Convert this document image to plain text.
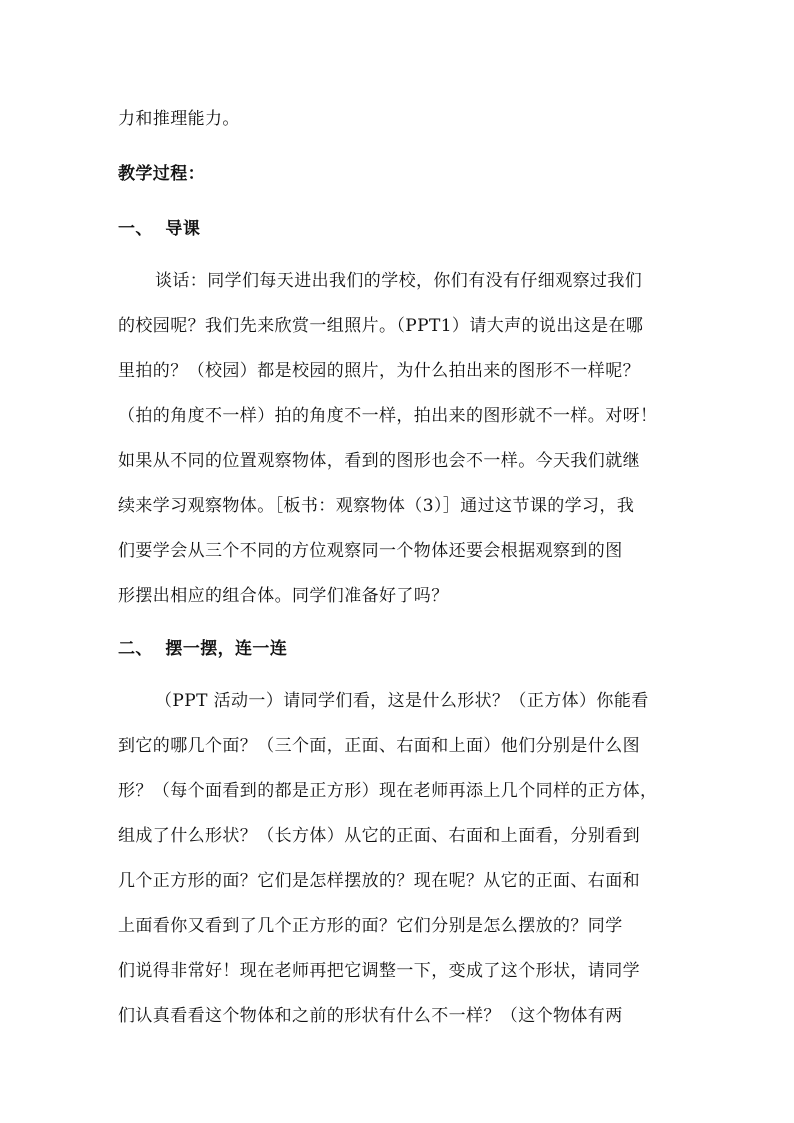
力和推理能力。
教学过程：
一、  导课
谈话：同学们每天进出我们的学校，你们有没有仔细观察过我们
的校园呢？我们先来欣赏一组照片。（PPT1）请大声的说出这是在哪
里拍的？（校园）都是校园的照片，为什么拍出来的图形不一样呢？
（拍的角度不一样）拍的角度不一样，拍出来的图形就不一样。对呀！
如果从不同的位置观察物体，看到的图形也会不一样。今天我们就继
续来学习观察物体。［板书：观察物体（3）］通过这节课的学习，我
们要学会从三个不同的方位观察同一个物体还要会根据观察到的图
形摆出相应的组合体。同学们准备好了吗？
二、  摆一摆，连一连
（PPT 活动一）请同学们看，这是什么形状？（正方体）你能看
到它的哪几个面？（三个面，正面、右面和上面）他们分别是什么图
形？（每个面看到的都是正方形）现在老师再添上几个同样的正方体，
组成了什么形状？（长方体）从它的正面、右面和上面看，分别看到
几个正方形的面？它们是怎样摆放的？现在呢？从它的正面、右面和
上面看你又看到了几个正方形的面？它们分别是怎么摆放的？同学
们说得非常好！现在老师再把它调整一下，变成了这个形状，请同学
们认真看看这个物体和之前的形状有什么不一样？（这个物体有两
